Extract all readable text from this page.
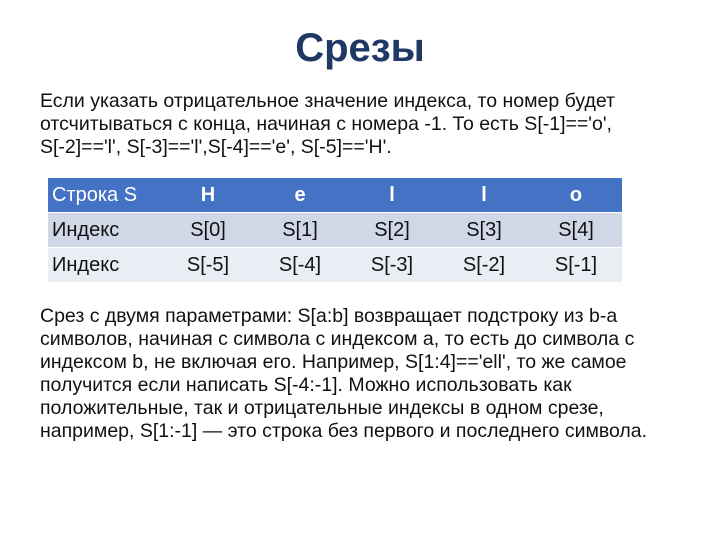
Срезы

Если указать отрицательное значение индекса, то номер будет отсчитываться с конца, начиная с номера -1. То есть S[-1]=='o', S[-2]=='l', S[-3]=='l',S[-4]=='e', S[-5]=='H'.

Строка S	H	e	l	l	o
Индекс	S[0]	S[1]	S[2]	S[3]	S[4]
Индекс	S[-5]	S[-4]	S[-3]	S[-2]	S[-1]

Срез с двумя параметрами: S[a:b] возвращает подстроку из b-a символов, начиная с символа c индексом a, то есть до символа с индексом b, не включая его. Например, S[1:4]=='ell', то же самое получится если написать S[-4:-1]. Можно использовать как положительные, так и отрицательные индексы в одном срезе, например, S[1:-1] — это строка без первого и последнего символа.
